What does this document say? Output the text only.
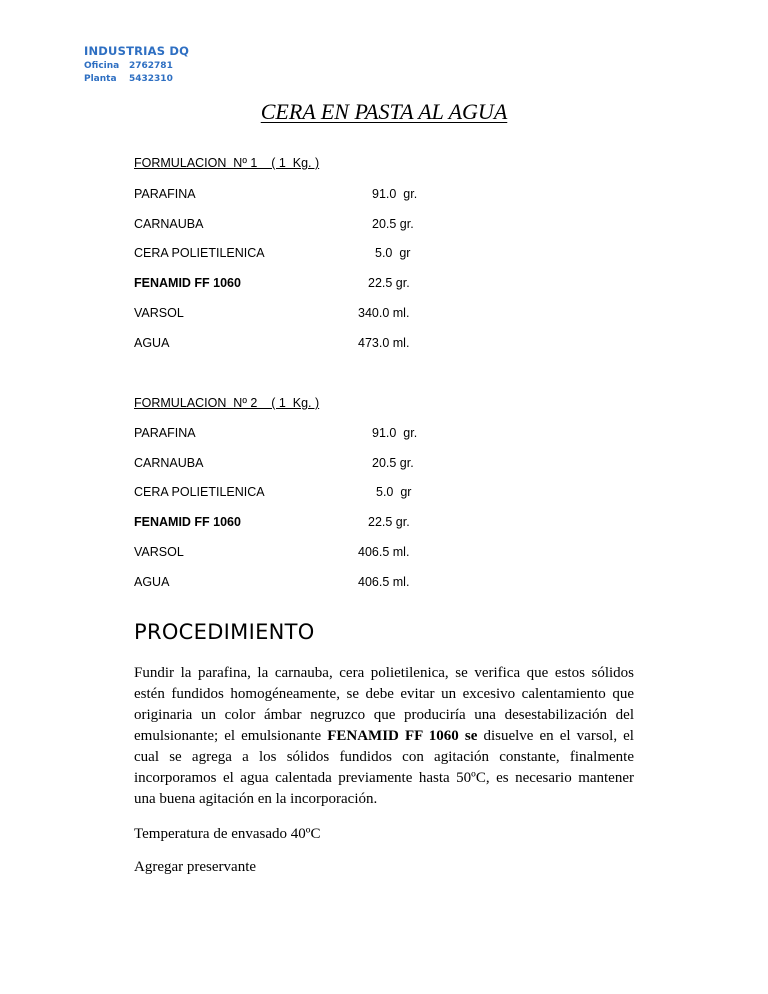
INDUSTRIAS DQ
Oficina 2762781
Planta 5432310
CERA EN PASTA AL AGUA
FORMULACION  Nº 1    ( 1  Kg. )
PARAFINA	91.0  gr.
CARNAUBA	20.5 gr.
CERA POLIETILENICA	5.0  gr
FENAMID FF 1060	22.5 gr.
VARSOL	340.0 ml.
AGUA	473.0 ml.
FORMULACION  Nº 2    ( 1  Kg. )
PARAFINA	91.0  gr.
CARNAUBA	20.5 gr.
CERA POLIETILENICA	5.0  gr
FENAMID FF 1060	22.5 gr.
VARSOL	406.5 ml.
AGUA	406.5 ml.
PROCEDIMIENTO
Fundir la parafina, la carnauba, cera polietilenica, se verifica que estos sólidos estén fundidos homogéneamente, se debe evitar un excesivo calentamiento que originaria un color ámbar negruzco que produciría una desestabilización del emulsionante; el emulsionante FENAMID FF 1060 se disuelve en el varsol, el cual se agrega a los sólidos fundidos con agitación constante, finalmente incorporamos el agua calentada previamente hasta 50ºC, es necesario mantener una buena agitación en la incorporación.
Temperatura de envasado 40ºC
Agregar preservante
